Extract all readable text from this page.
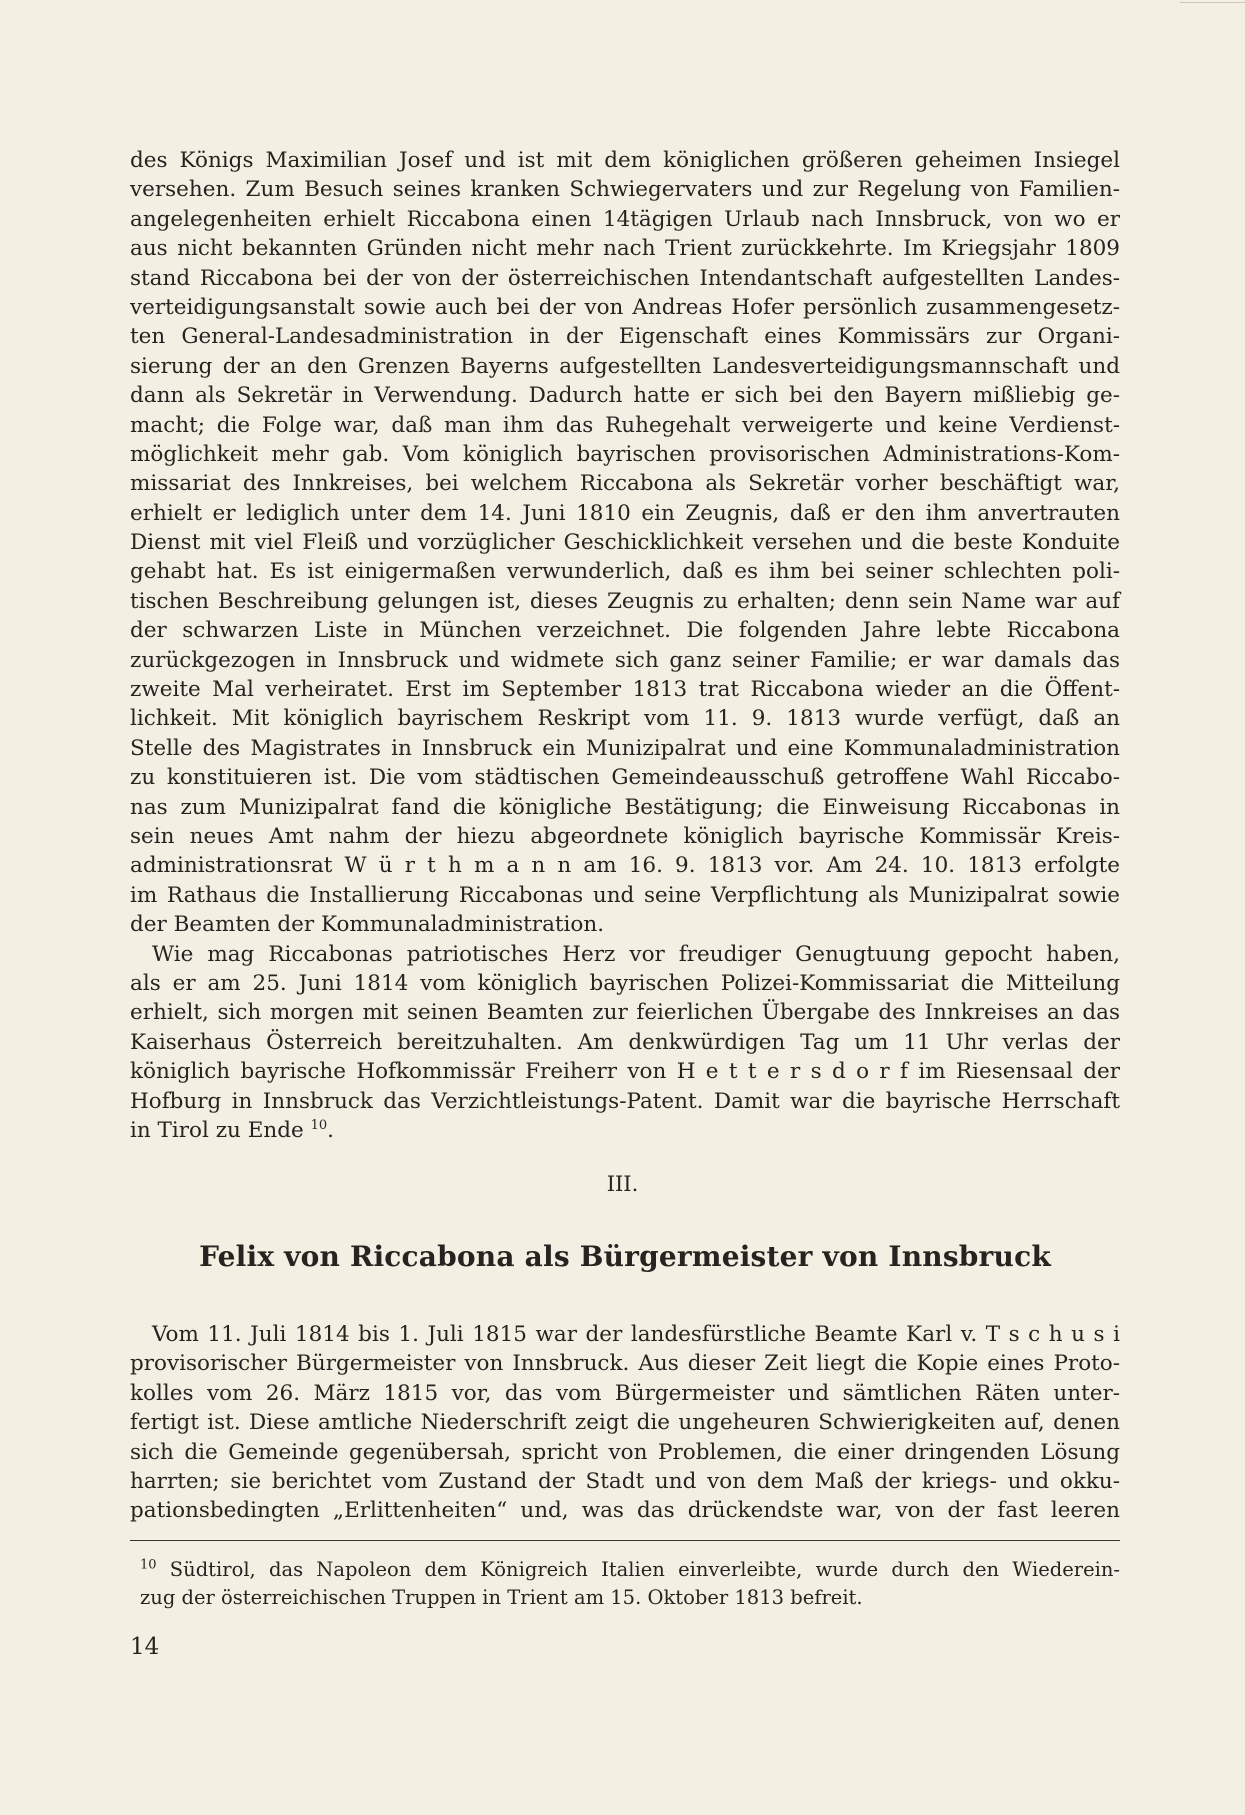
des Königs Maximilian Josef und ist mit dem königlichen größeren geheimen Insiegel

versehen. Zum Besuch seines kranken Schwiegervaters und zur Regelung von Familien-

angelegenheiten erhielt Riccabona einen 14tägigen Urlaub nach Innsbruck, von wo er

aus nicht bekannten Gründen nicht mehr nach Trient zurückkehrte. Im Kriegsjahr 1809

stand Riccabona bei der von der österreichischen Intendantschaft aufgestellten Landes-

verteidigungsanstalt sowie auch bei der von Andreas Hofer persönlich zusammengesetz-

ten General-Landesadministration in der Eigenschaft eines Kommissärs zur Organi-

sierung der an den Grenzen Bayerns aufgestellten Landesverteidigungsmannschaft und

dann als Sekretär in Verwendung. Dadurch hatte er sich bei den Bayern mißliebig ge-

macht; die Folge war, daß man ihm das Ruhegehalt verweigerte und keine Verdienst-

möglichkeit mehr gab. Vom königlich bayrischen provisorischen Administrations-Kom-

missariat des Innkreises, bei welchem Riccabona als Sekretär vorher beschäftigt war,

erhielt er lediglich unter dem 14. Juni 1810 ein Zeugnis, daß er den ihm anvertrauten

Dienst mit viel Fleiß und vorzüglicher Geschicklichkeit versehen und die beste Konduite

gehabt hat. Es ist einigermaßen verwunderlich, daß es ihm bei seiner schlechten poli-

tischen Beschreibung gelungen ist, dieses Zeugnis zu erhalten; denn sein Name war auf

der schwarzen Liste in München verzeichnet. Die folgenden Jahre lebte Riccabona

zurückgezogen in Innsbruck und widmete sich ganz seiner Familie; er war damals das

zweite Mal verheiratet. Erst im September 1813 trat Riccabona wieder an die Öffent-

lichkeit. Mit königlich bayrischem Reskript vom 11. 9. 1813 wurde verfügt, daß an

Stelle des Magistrates in Innsbruck ein Munizipalrat und eine Kommunaladministration

zu konstituieren ist. Die vom städtischen Gemeindeausschuß getroffene Wahl Riccabo-

nas zum Munizipalrat fand die königliche Bestätigung; die Einweisung Riccabonas in

sein neues Amt nahm der hiezu abgeordnete königlich bayrische Kommissär Kreis-

administrationsrat W ü r t h m a n n am 16. 9. 1813 vor. Am 24. 10. 1813 erfolgte

im Rathaus die Installierung Riccabonas und seine Verpflichtung als Munizipalrat sowie

der Beamten der Kommunaladministration.

Wie mag Riccabonas patriotisches Herz vor freudiger Genugtuung gepocht haben,

als er am 25. Juni 1814 vom königlich bayrischen Polizei-Kommissariat die Mitteilung

erhielt, sich morgen mit seinen Beamten zur feierlichen Übergabe des Innkreises an das

Kaiserhaus Österreich bereitzuhalten. Am denkwürdigen Tag um 11 Uhr verlas der

königlich bayrische Hofkommissär Freiherr von H e t t e r s d o r f im Riesensaal der

Hofburg in Innsbruck das Verzichtleistungs-Patent. Damit war die bayrische Herrschaft

in Tirol zu Ende $^{10}$.

III.
Felix von Riccabona als Bürgermeister von Innsbruck

Vom 11. Juli 1814 bis 1. Juli 1815 war der landesfürstliche Beamte Karl v. T s c h u s i

provisorischer Bürgermeister von Innsbruck. Aus dieser Zeit liegt die Kopie eines Proto-

kolles vom 26. März 1815 vor, das vom Bürgermeister und sämtlichen Räten unter-

fertigt ist. Diese amtliche Niederschrift zeigt die ungeheuren Schwierigkeiten auf, denen

sich die Gemeinde gegenübersah, spricht von Problemen, die einer dringenden Lösung

harrten; sie berichtet vom Zustand der Stadt und von dem Maß der kriegs- und okku-

pationsbedingten „Erlittenheiten“ und, was das drückendste war, von der fast leeren

$^{10}$ Südtirol, das Napoleon dem Königreich Italien einverleibte, wurde durch den Wiederein-

zug der österreichischen Truppen in Trient am 15. Oktober 1813 befreit.

14
